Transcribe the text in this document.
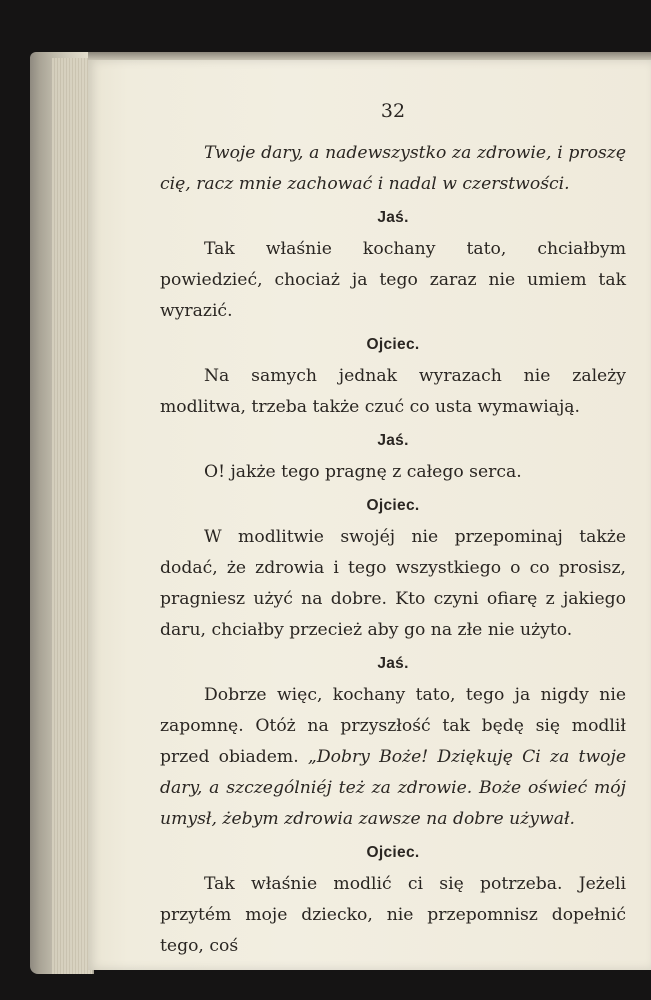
32

Twoje dary, a nadewszystko za zdrowie, i proszę cię, racz mnie zachować i nadal w czerstwości.

Jaś.

Tak właśnie kochany tato, chciałbym powiedzieć, chociaż ja tego zaraz nie umiem tak wyrazić.

Ojciec.

Na samych jednak wyrazach nie zależy modlitwa, trzeba także czuć co usta wymawiają.

Jaś.

O! jakże tego pragnę z całego serca.

Ojciec.

W modlitwie swojéj nie przepominaj także dodać, że zdrowia i tego wszystkiego o co prosisz, pragniesz użyć na dobre. Kto czyni ofiarę z jakiego daru, chciałby przecież aby go na złe nie użyto.

Jaś.

Dobrze więc, kochany tato, tego ja nigdy nie zapomnę. Otóż na przyszłość tak będę się modlił przed obiadem. „Dobry Boże! Dziękuję Ci za twoje dary, a szczególniéj też za zdrowie. Boże oświeć mój umysł, żebym zdrowia zawsze na dobre używał.

Ojciec.

Tak właśnie modlić ci się potrzeba. Jeżeli przytém moje dziecko, nie przepomnisz dopełnić tego, coś
